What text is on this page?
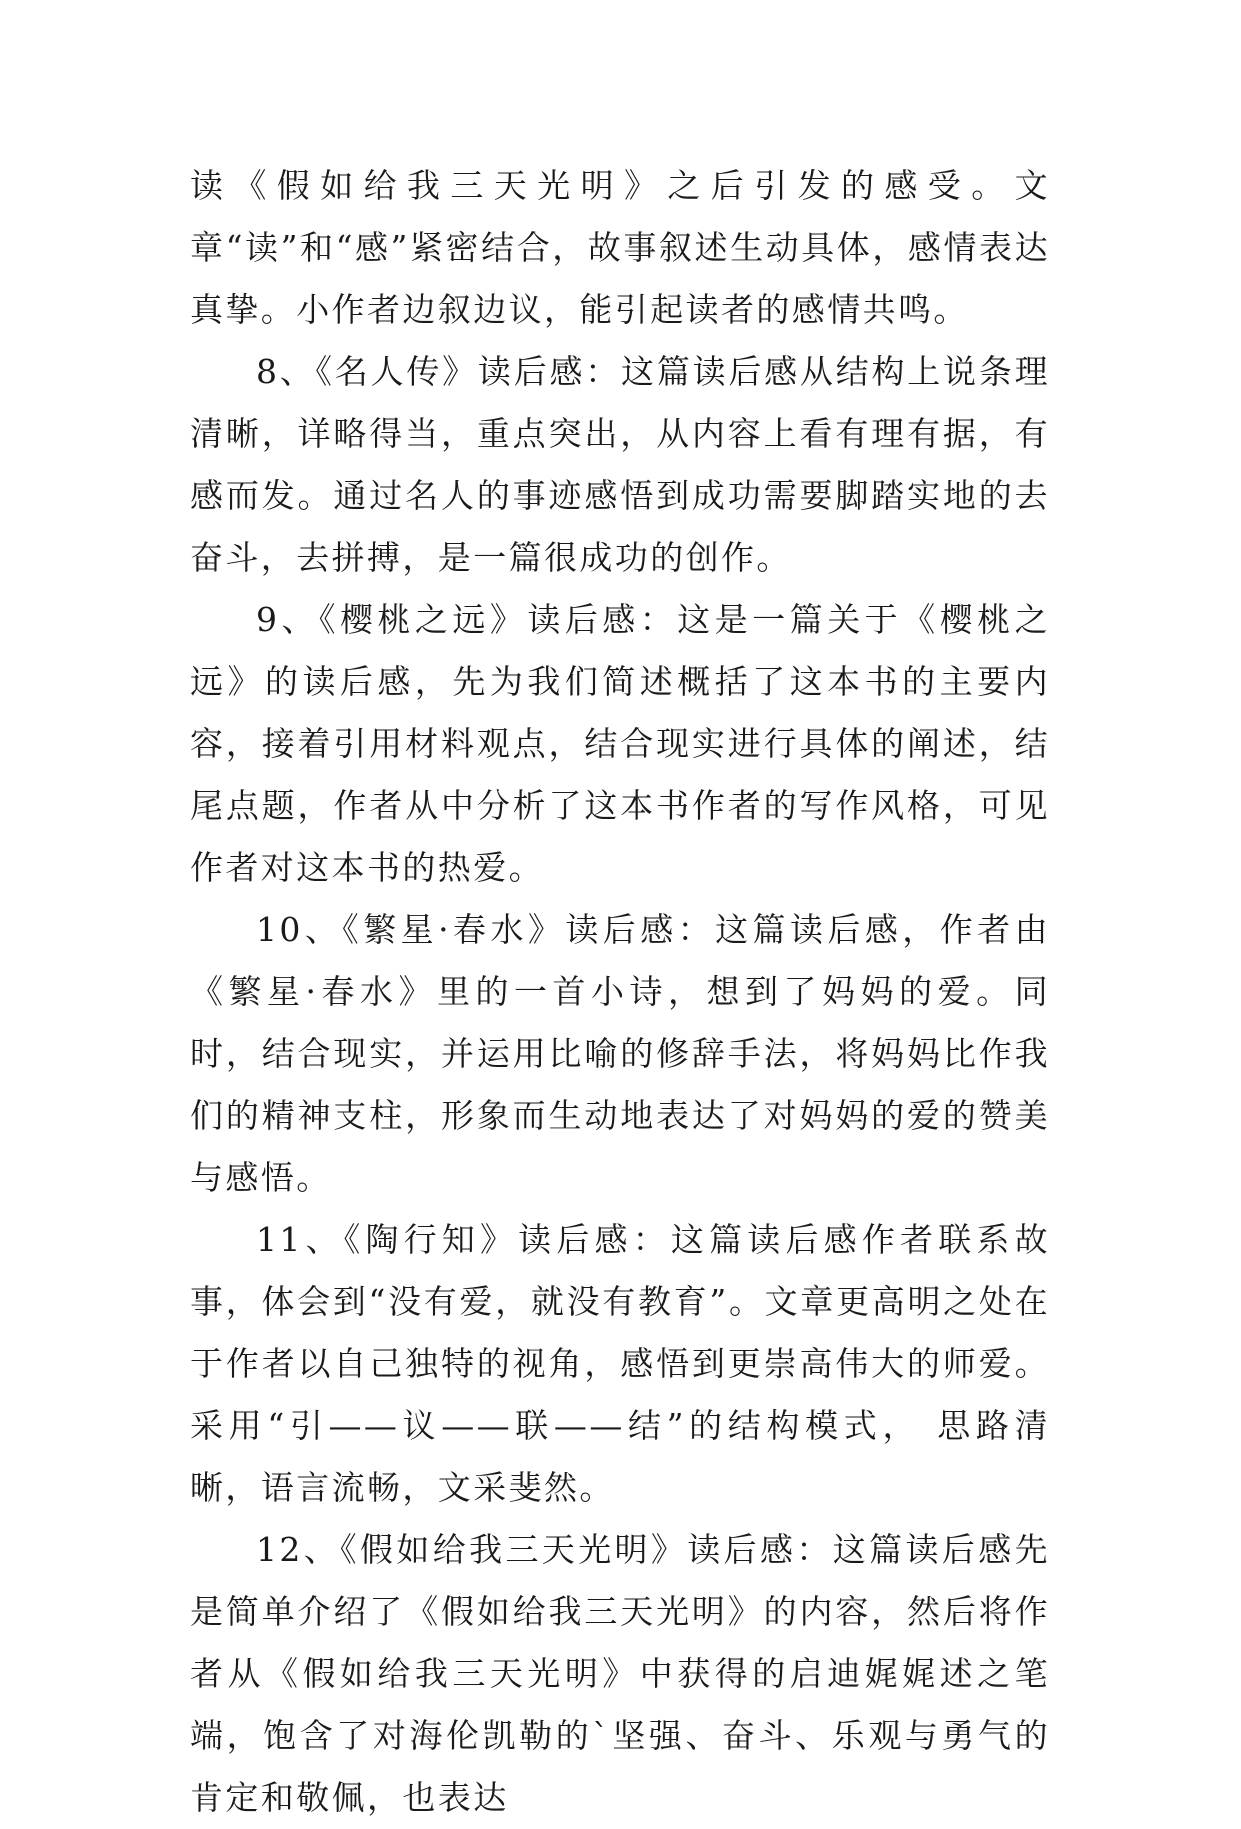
读《假如给我三天光明》之后引发的感受。文章“读”和“感”紧密结合，故事叙述生动具体，感情表达真挚。小作者边叙边议，能引起读者的感情共鸣。

8、《名人传》读后感：这篇读后感从结构上说条理清晰，详略得当，重点突出，从内容上看有理有据，有感而发。通过名人的事迹感悟到成功需要脚踏实地的去奋斗，去拼搏，是一篇很成功的创作。

9、《樱桃之远》读后感：这是一篇关于《樱桃之远》的读后感，先为我们简述概括了这本书的主要内容，接着引用材料观点，结合现实进行具体的阐述，结尾点题，作者从中分析了这本书作者的写作风格，可见作者对这本书的热爱。

10、《繁星·春水》读后感：这篇读后感，作者由《繁星·春水》里的一首小诗，想到了妈妈的爱。同时，结合现实，并运用比喻的修辞手法，将妈妈比作我们的精神支柱，形象而生动地表达了对妈妈的爱的赞美与感悟。

11、《陶行知》读后感：这篇读后感作者联系故事，体会到“没有爱，就没有教育”。文章更高明之处在于作者以自己独特的视角，感悟到更崇高伟大的师爱。 采用“引——议——联——结”的结构模式， 思路清晰，语言流畅，文采斐然。

12、《假如给我三天光明》读后感：这篇读后感先是简单介绍了《假如给我三天光明》的内容，然后将作者从《假如给我三天光明》中获得的启迪娓娓述之笔端，饱含了对海伦凯勒的`坚强、奋斗、乐观与勇气的肯定和敬佩，也表达
